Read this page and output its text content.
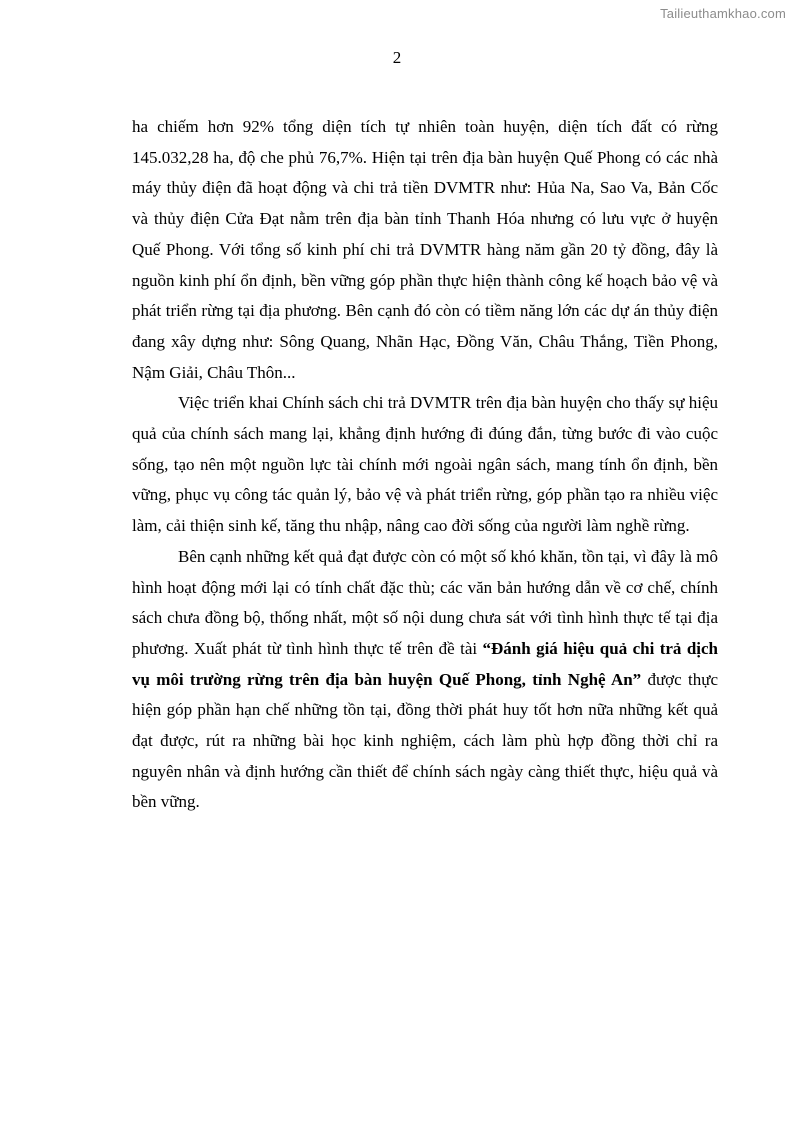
Tailieuthamkhao.com
2

ha chiếm hơn 92% tổng diện tích tự nhiên toàn huyện, diện tích đất có rừng 145.032,28 ha, độ che phủ 76,7%. Hiện tại trên địa bàn huyện Quế Phong có các nhà máy thủy điện đã hoạt động và chi trả tiền DVMTR như: Hủa Na, Sao Va, Bản Cốc và thủy điện Cửa Đạt nằm trên địa bàn tỉnh Thanh Hóa nhưng có lưu vực ở huyện Quế Phong. Với tổng số kinh phí chi trả DVMTR hàng năm gần 20 tỷ đồng, đây là nguồn kinh phí ổn định, bền vững góp phần thực hiện thành công kế hoạch bảo vệ và phát triển rừng tại địa phương. Bên cạnh đó còn có tiềm năng lớn các dự án thủy điện đang xây dựng như: Sông Quang, Nhãn Hạc, Đồng Văn, Châu Thắng, Tiền Phong, Nậm Giải, Châu Thôn...

Việc triển khai Chính sách chi trả DVMTR trên địa bàn huyện cho thấy sự hiệu quả của chính sách mang lại, khẳng định hướng đi đúng đắn, từng bước đi vào cuộc sống, tạo nên một nguồn lực tài chính mới ngoài ngân sách, mang tính ổn định, bền vững, phục vụ công tác quản lý, bảo vệ và phát triển rừng, góp phần tạo ra nhiều việc làm, cải thiện sinh kế, tăng thu nhập, nâng cao đời sống của người làm nghề rừng.

Bên cạnh những kết quả đạt được còn có một số khó khăn, tồn tại, vì đây là mô hình hoạt động mới lại có tính chất đặc thù; các văn bản hướng dẫn về cơ chế, chính sách chưa đồng bộ, thống nhất, một số nội dung chưa sát với tình hình thực tế tại địa phương. Xuất phát từ tình hình thực tế trên đề tài “Đánh giá hiệu quả chi trả dịch vụ môi trường rừng trên địa bàn huyện Quế Phong, tỉnh Nghệ An” được thực hiện góp phần hạn chế những tồn tại, đồng thời phát huy tốt hơn nữa những kết quả đạt được, rút ra những bài học kinh nghiệm, cách làm phù hợp đồng thời chỉ ra nguyên nhân và định hướng cần thiết để chính sách ngày càng thiết thực, hiệu quả và bền vững.
